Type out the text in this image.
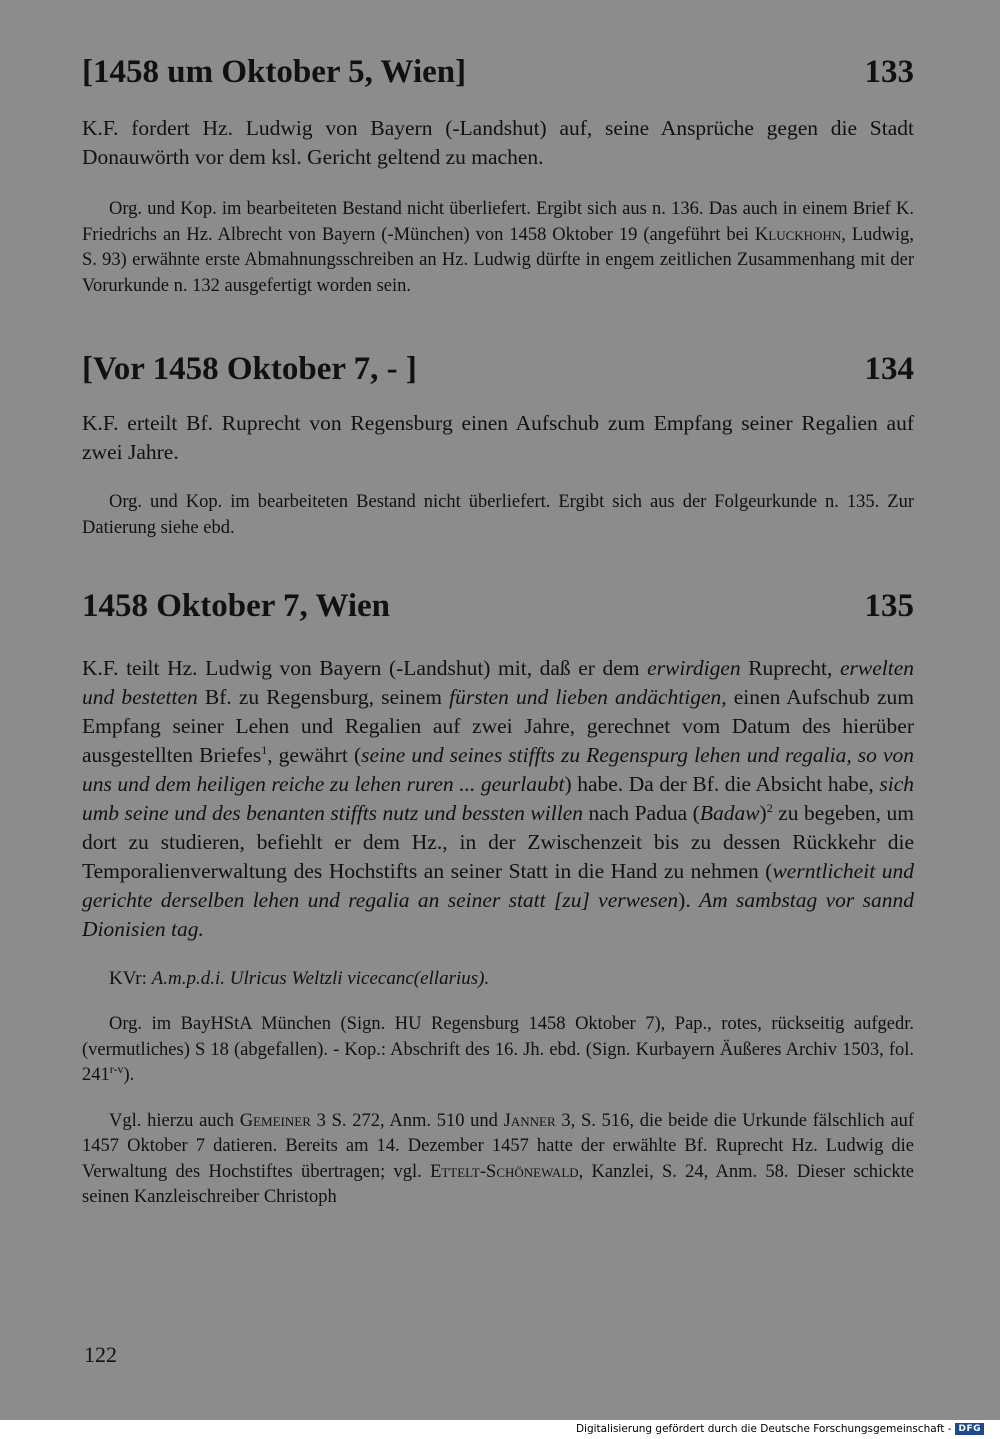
[1458 um Oktober 5, Wien]	133

K.F. fordert Hz. Ludwig von Bayern (-Landshut) auf, seine Ansprüche gegen die Stadt Donauwörth vor dem ksl. Gericht geltend zu machen.

Org. und Kop. im bearbeiteten Bestand nicht überliefert. Ergibt sich aus n. 136. Das auch in einem Brief K. Friedrichs an Hz. Albrecht von Bayern (-München) von 1458 Oktober 19 (angeführt bei Kluckhohn, Ludwig, S. 93) erwähnte erste Abmahnungsschreiben an Hz. Ludwig dürfte in engem zeitlichen Zusammenhang mit der Vorurkunde n. 132 ausgefertigt worden sein.

[Vor 1458 Oktober 7, - ]	134

K.F. erteilt Bf. Ruprecht von Regensburg einen Aufschub zum Empfang seiner Regalien auf zwei Jahre.

Org. und Kop. im bearbeiteten Bestand nicht überliefert. Ergibt sich aus der Folgeurkunde n. 135. Zur Datierung siehe ebd.

1458 Oktober 7, Wien	135

K.F. teilt Hz. Ludwig von Bayern (-Landshut) mit, daß er dem erwirdigen Ruprecht, erwelten und bestetten Bf. zu Regensburg, seinem fürsten und lieben andächtigen, einen Aufschub zum Empfang seiner Lehen und Regalien auf zwei Jahre, gerechnet vom Datum des hierüber ausgestellten Briefes$^1$, gewährt (seine und seines stiffts zu Regenspurg lehen und regalia, so von uns und dem heiligen reiche zu lehen ruren ... geurlaubt) habe. Da der Bf. die Absicht habe, sich umb seine und des benanten stiffts nutz und bessten willen nach Padua (Badaw)$^2$ zu begeben, um dort zu studieren, befiehlt er dem Hz., in der Zwischenzeit bis zu dessen Rückkehr die Temporalienverwaltung des Hochstifts an seiner Statt in die Hand zu nehmen (werntlicheit und gerichte derselben lehen und regalia an seiner statt [zu] verwesen). Am sambstag vor sannd Dionisien tag.

KVr: A.m.p.d.i. Ulricus Weltzli vicecanc(ellarius).

Org. im BayHStA München (Sign. HU Regensburg 1458 Oktober 7), Pap., rotes, rückseitig aufgedr. (vermutliches) S 18 (abgefallen). - Kop.: Abschrift des 16. Jh. ebd. (Sign. Kurbayern Äußeres Archiv 1503, fol. 241$^{r-v}$).

Vgl. hierzu auch Gemeiner 3 S. 272, Anm. 510 und Janner 3, S. 516, die beide die Urkunde fälschlich auf 1457 Oktober 7 datieren. Bereits am 14. Dezember 1457 hatte der erwählte Bf. Ruprecht Hz. Ludwig die Verwaltung des Hochstiftes übertragen; vgl. Ettelt-Schönewald, Kanzlei, S. 24, Anm. 58. Dieser schickte seinen Kanzleischreiber Christoph

122
Digitalisierung gefördert durch die Deutsche Forschungsgemeinschaft - DFG
